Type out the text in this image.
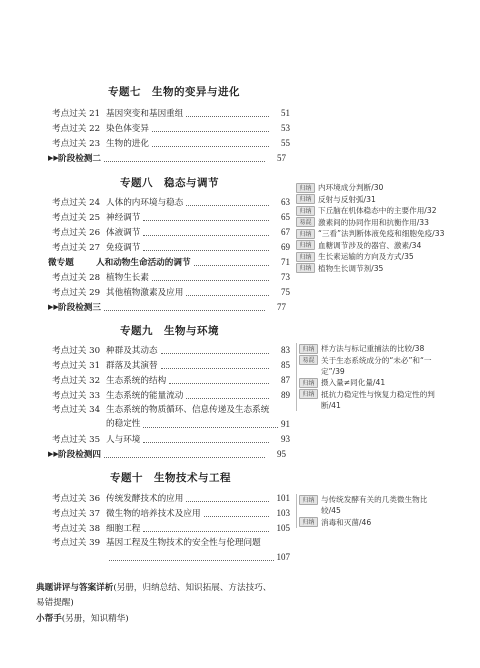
专题七　生物的变异与进化
考点过关 21 基因突变和基因重组	51
考点过关 22 染色体变异	53
考点过关 23 生物的进化	55
▶▶ 阶段检测二	57
专题八　稳态与调节
考点过关 24 人体的内环境与稳态	63
考点过关 25 神经调节	65
考点过关 26 体液调节	67
考点过关 27 免疫调节	69
微专题	人和动物生命活动的调节	71
考点过关 28 植物生长素	73
考点过关 29 其他植物激素及应用	75
▶▶ 阶段检测三	77
归纳 内环境成分判断/30
归纳 反射与反射弧/31
归纳 下丘脑在机体稳态中的主要作用/32
易混 激素间的协同作用和抗衡作用/33
归纳 “三看”法判断体液免疫和细胞免疫/33
归纳 血糖调节涉及的器官、激素/34
归纳 生长素运输的方向及方式/35
归纳 植物生长调节剂/35
专题九　生物与环境
考点过关 30 种群及其动态	83
考点过关 31 群落及其演替	85
考点过关 32 生态系统的结构	87
考点过关 33 生态系统的能量流动	89
考点过关 34 生态系统的物质循环、信息传递及生态系统
的稳定性	91
考点过关 35 人与环境	93
▶▶ 阶段检测四	95
归纳 样方法与标记重捕法的比较/38
易混 关于生态系统成分的“未必”和“一定”/39
归纳 摄入量≠同化量/41
归纳 抵抗力稳定性与恢复力稳定性的判断/41
专题十　生物技术与工程
考点过关 36 传统发酵技术的应用	101
考点过关 37 微生物的培养技术及应用	103
考点过关 38 细胞工程	105
考点过关 39 基因工程及生物技术的安全性与伦理问题
107
归纳 与传统发酵有关的几类微生物比较/45
归纳 消毒和灭菌/46
典题讲评与答案详析(另册，归纳总结、知识拓展、方法技巧、
易错提醒)
小帮手(另册，知识精华)
